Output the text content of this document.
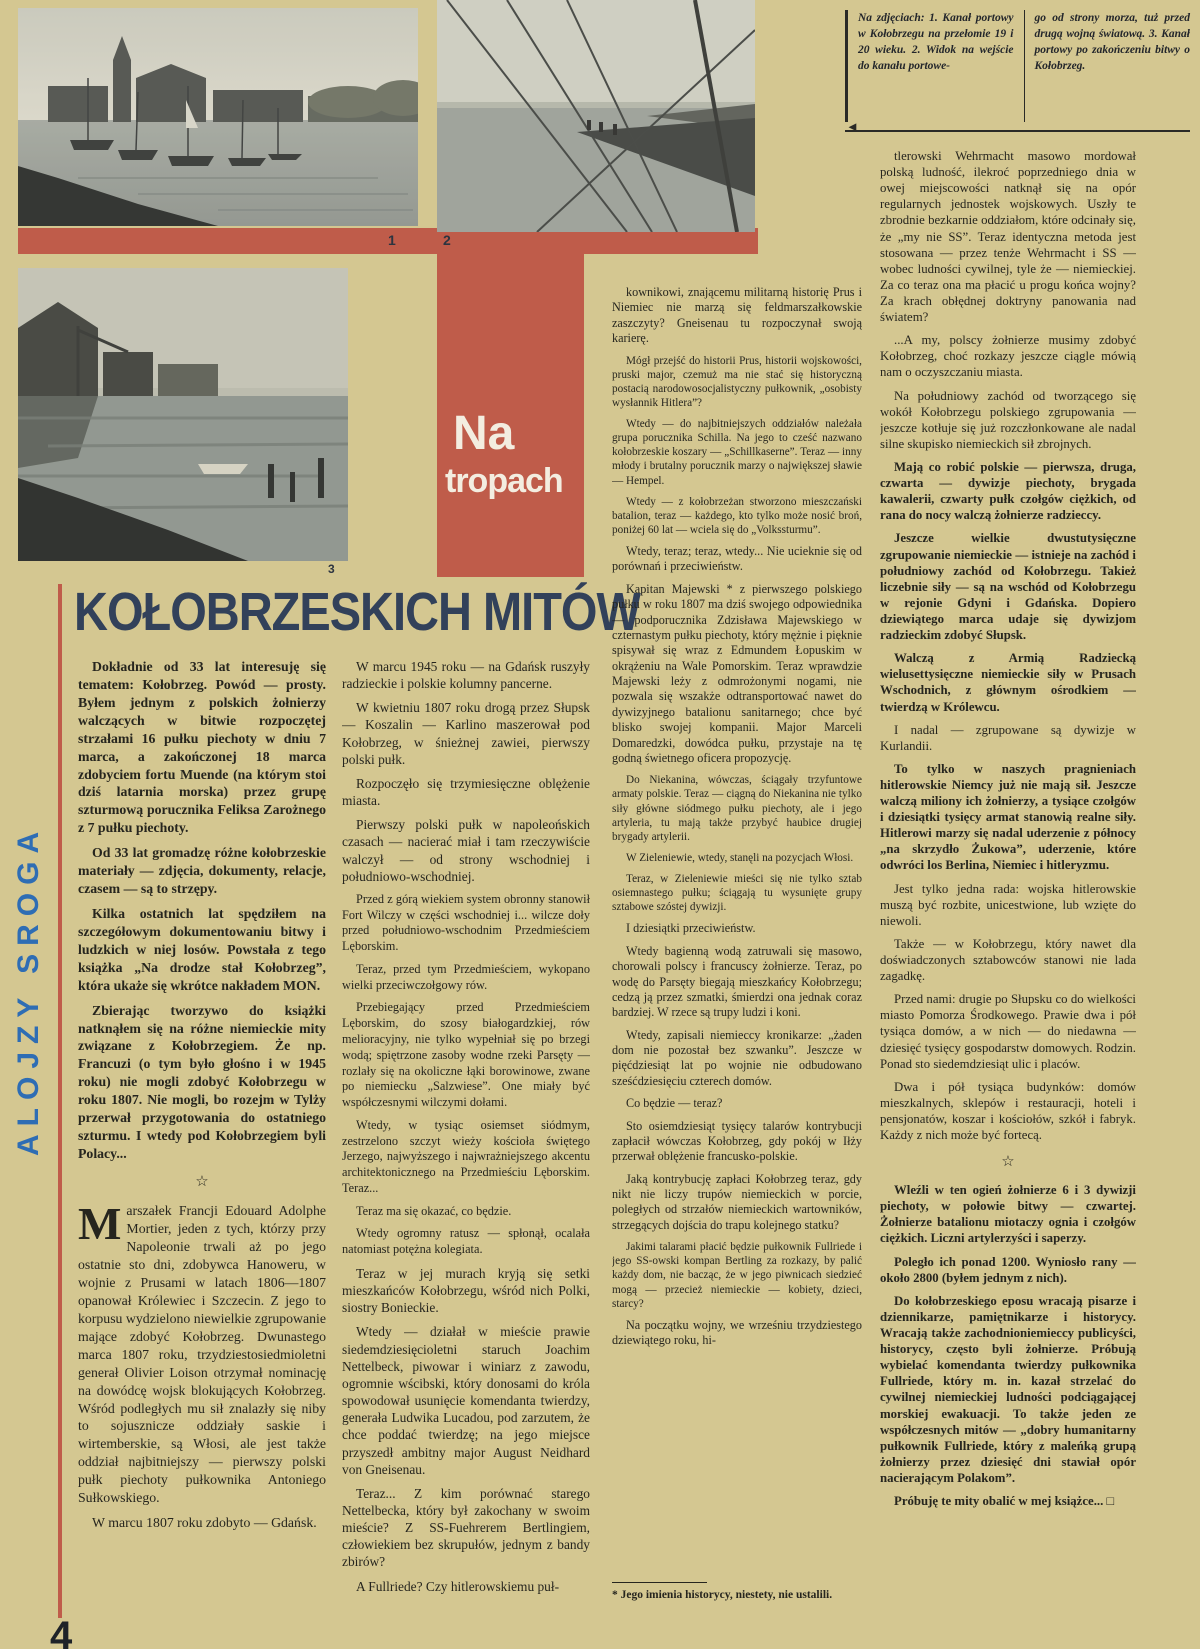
Na
tropach
1	2
3
Na zdjęciach: 1. Kanał portowy w Kołobrzegu na przełomie 19 i 20 wieku. 2. Widok na wejście do kanału portowe-
go od strony morza, tuż przed drugą wojną światową. 3. Kanał portowy po zakończeniu bitwy o Kołobrzeg.
◄
KOŁOBRZESKICH MITÓW
ALOJZY SROGA

Dokładnie od 33 lat interesuję się tematem: Kołobrzeg. Powód — prosty. Byłem jednym z polskich żołnierzy walczących w bitwie rozpoczętej strzałami 16 pułku piechoty w dniu 7 marca, a zakończonej 18 marca zdobyciem fortu Muende (na którym stoi dziś latarnia morska) przez grupę szturmową porucznika Feliksa Zarożnego z 7 pułku piechoty.

Od 33 lat gromadzę różne kołobrzeskie materiały — zdjęcia, dokumenty, relacje, czasem — są to strzępy.

Kilka ostatnich lat spędziłem na szczegółowym dokumentowaniu bitwy i ludzkich w niej losów. Powstała z tego książka „Na drodze stał Kołobrzeg”, która ukaże się wkrótce nakładem MON.

Zbierając tworzywo do książki natknąłem się na różne niemieckie mity związane z Kołobrzegiem. Że np. Francuzi (o tym było głośno i w 1945 roku) nie mogli zdobyć Kołobrzegu w roku 1807. Nie mogli, bo rozejm w Tylży przerwał przygotowania do ostatniego szturmu. I wtedy pod Kołobrzegiem byli Polacy...

☆

Marszałek Francji Edouard Adolphe Mortier, jeden z tych, którzy przy Napoleonie trwali aż po jego ostatnie sto dni, zdobywca Hanoweru, w wojnie z Prusami w latach 1806—1807 opanował Królewiec i Szczecin. Z jego to korpusu wydzielono niewielkie zgrupowanie mające zdobyć Kołobrzeg. Dwunastego marca 1807 roku, trzydziestosiedmioletni generał Olivier Loison otrzymał nominację na dowódcę wojsk blokujących Kołobrzeg. Wśród podległych mu sił znalazły się niby to sojusznicze oddziały saskie i wirtemberskie, są Włosi, ale jest także oddział najbitniejszy — pierwszy polski pułk piechoty pułkownika Antoniego Sułkowskiego.

W marcu 1807 roku zdobyto — Gdańsk.

W marcu 1945 roku — na Gdańsk ruszyły radzieckie i polskie kolumny pancerne.

W kwietniu 1807 roku drogą przez Słupsk — Koszalin — Karlino maszerował pod Kołobrzeg, w śnieżnej zawiei, pierwszy polski pułk.

Rozpoczęło się trzymiesięczne oblężenie miasta.

Pierwszy polski pułk w napoleońskich czasach — nacierać miał i tam rzeczywiście walczył — od strony wschodniej i południowo-wschodniej.

Przed z górą wiekiem system obronny stanowił Fort Wilczy w części wschodniej i... wilcze doły przed południowo-wschodnim Przedmieściem Lęborskim.

Teraz, przed tym Przedmieściem, wykopano wielki przeciwczołgowy rów.

Przebiegający przed Przedmieściem Lęborskim, do szosy białogardzkiej, rów melioracyjny, nie tylko wypełniał się po brzegi wodą; spiętrzone zasoby wodne rzeki Parsęty — rozlały się na okoliczne łąki borowinowe, zwane po niemiecku „Salzwiese”. One miały być współczesnymi wilczymi dołami.

Wtedy, w tysiąc osiemset siódmym, zestrzelono szczyt wieży kościoła świętego Jerzego, najwyższego i najwrażniejszego akcentu architektonicznego na Przedmieściu Lęborskim. Teraz...

Teraz ma się okazać, co będzie.

Wtedy ogromny ratusz — spłonął, ocalała natomiast potężna kolegiata.

Teraz w jej murach kryją się setki mieszkańców Kołobrzegu, wśród nich Polki, siostry Bonieckie.

Wtedy — działał w mieście prawie siedemdziesięcioletni staruch Joachim Nettelbeck, piwowar i winiarz z zawodu, ogromnie wścibski, który donosami do króla spowodował usunięcie komendanta twierdzy, generała Ludwika Lucadou, pod zarzutem, że chce poddać twierdzę; na jego miejsce przyszedł ambitny major August Neidhard von Gneisenau.

Teraz... Z kim porównać starego Nettelbecka, który był zakochany w swoim mieście? Z SS-Fuehrerem Bertlingiem, człowiekiem bez skrupułów, jednym z bandy zbirów?

A Fullriede? Czy hitlerowskiemu puł-

kownikowi, znającemu militarną historię Prus i Niemiec nie marzą się feldmarszałkowskie zaszczyty? Gneisenau tu rozpoczynał swoją karierę.

Mógł przejść do historii Prus, historii wojskowości, pruski major, czemuż ma nie stać się historyczną postacią narodowosocjalistyczny pułkownik, „osobisty wysłannik Hitlera”?

Wtedy — do najbitniejszych oddziałów należała grupa porucznika Schilla. Na jego to cześć nazwano kołobrzeskie koszary — „Schillkaserne”. Teraz — inny młody i brutalny porucznik marzy o największej sławie — Hempel.

Wtedy — z kołobrzeżan stworzono mieszczański batalion, teraz — każdego, kto tylko może nosić broń, poniżej 60 lat — wciela się do „Volkssturmu”.

Wtedy, teraz; teraz, wtedy... Nie ucieknie się od porównań i przeciwieństw.

Kapitan Majewski * z pierwszego polskiego pułku w roku 1807 ma dziś swojego odpowiednika — podporucznika Zdzisława Majewskiego w czternastym pułku piechoty, który mężnie i pięknie spisywał się wraz z Edmundem Łopuskim w okrążeniu na Wale Pomorskim. Teraz wprawdzie Majewski leży z odmrożonymi nogami, nie pozwala się wszakże odtransportować nawet do dywizyjnego batalionu sanitarnego; chce być blisko swojej kompanii. Major Marceli Domaredzki, dowódca pułku, przystaje na tę godną świetnego oficera propozycję.

Do Niekanina, wówczas, ściągały trzyfuntowe armaty polskie. Teraz — ciągną do Niekanina nie tylko siły główne siódmego pułku piechoty, ale i jego artyleria, tu mają także przybyć haubice drugiej brygady artylerii.

W Zieleniewie, wtedy, stanęli na pozycjach Włosi.

Teraz, w Zieleniewie mieści się nie tylko sztab osiemnastego pułku; ściągają tu wysunięte grupy sztabowe szóstej dywizji.

I dziesiątki przeciwieństw.

Wtedy bagienną wodą zatruwali się masowo, chorowali polscy i francuscy żołnierze. Teraz, po wodę do Parsęty biegają mieszkańcy Kołobrzegu; cedzą ją przez szmatki, śmierdzi ona jednak coraz bardziej. W rzece są trupy ludzi i koni.

Wtedy, zapisali niemieccy kronikarze: „żaden dom nie pozostał bez szwanku”. Jeszcze w pięćdziesiąt lat po wojnie nie odbudowano sześćdziesięciu czterech domów.

Co będzie — teraz?

Sto osiemdziesiąt tysięcy talarów kontrybucji zapłacił wówczas Kołobrzeg, gdy pokój w Iłży przerwał oblężenie francusko-polskie.

Jaką kontrybucję zapłaci Kołobrzeg teraz, gdy nikt nie liczy trupów niemieckich w porcie, poległych od strzałów niemieckich wartowników, strzegących dojścia do trapu kolejnego statku?

Jakimi talarami płacić będzie pułkownik Fullriede i jego SS-owski kompan Bertling za rozkazy, by palić każdy dom, nie bacząc, że w jego piwnicach siedzieć mogą — przecież niemieckie — kobiety, dzieci, starcy?

Na początku wojny, we wrześniu trzydziestego dziewiątego roku, hi-

tlerowski Wehrmacht masowo mordował polską ludność, ilekroć poprzedniego dnia w owej miejscowości natknął się na opór regularnych jednostek wojskowych. Uszły te zbrodnie bezkarnie oddziałom, które odcinały się, że „my nie SS”. Teraz identyczna metoda jest stosowana — przez tenże Wehrmacht i SS — wobec ludności cywilnej, tyle że — niemieckiej. Za co teraz ona ma płacić u progu końca wojny? Za krach obłędnej doktryny panowania nad światem?

...A my, polscy żołnierze musimy zdobyć Kołobrzeg, choć rozkazy jeszcze ciągle mówią nam o oczyszczaniu miasta.

Na południowy zachód od tworzącego się wokół Kołobrzegu polskiego zgrupowania — jeszcze kotłuje się już rozczłonkowane ale nadal silne skupisko niemieckich sił zbrojnych.

Mają co robić polskie — pierwsza, druga, czwarta — dywizje piechoty, brygada kawalerii, czwarty pułk czołgów ciężkich, od rana do nocy walczą żołnierze radzieccy.

Jeszcze wielkie dwustutysięczne zgrupowanie niemieckie — istnieje na zachód i południowy zachód od Kołobrzegu. Takież liczebnie siły — są na wschód od Kołobrzegu w rejonie Gdyni i Gdańska. Dopiero dziewiątego marca udaje się dywizjom radzieckim zdobyć Słupsk.

Walczą z Armią Radziecką wielusettysięczne niemieckie siły w Prusach Wschodnich, z głównym ośrodkiem — twierdzą w Królewcu.

I nadal — zgrupowane są dywizje w Kurlandii.

To tylko w naszych pragnieniach hitlerowskie Niemcy już nie mają sił. Jeszcze walczą miliony ich żołnierzy, a tysiące czołgów i dziesiątki tysięcy armat stanowią realne siły. Hitlerowi marzy się nadal uderzenie z północy „na skrzydło Żukowa”, uderzenie, które odwróci los Berlina, Niemiec i hitleryzmu.

Jest tylko jedna rada: wojska hitlerowskie muszą być rozbite, unicestwione, lub wzięte do niewoli.

Także — w Kołobrzegu, który nawet dla doświadczonych sztabowców stanowi nie lada zagadkę.

Przed nami: drugie po Słupsku co do wielkości miasto Pomorza Środkowego. Prawie dwa i pół tysiąca domów, a w nich — do niedawna — dziesięć tysięcy gospodarstw domowych. Rodzin. Ponad sto siedemdziesiąt ulic i placów.

Dwa i pół tysiąca budynków: domów mieszkalnych, sklepów i restauracji, hoteli i pensjonatów, koszar i kościołów, szkół i fabryk. Każdy z nich może być fortecą.

☆

Wleźli w ten ogień żołnierze 6 i 3 dywizji piechoty, w połowie bitwy — czwartej. Żołnierze batalionu miotaczy ognia i czołgów ciężkich. Liczni artylerzyści i saperzy.

Poległo ich ponad 1200. Wyniosło rany — około 2800 (byłem jednym z nich).

Do kołobrzeskiego eposu wracają pisarze i dziennikarze, pamiętnikarze i historycy. Wracają także zachodnioniemieccy publicyści, historycy, często byli żołnierze. Próbują wybielać komendanta twierdzy pułkownika Fullriede, który m. in. kazał strzelać do cywilnej niemieckiej ludności podciągającej morskiej ewakuacji. To także jeden ze współczesnych mitów — „dobry humanitarny pułkownik Fullriede, który z maleńką grupą żołnierzy przez dziesięć dni stawiał opór nacierającym Polakom”.

Próbuję te mity obalić w mej książce... □

* Jego imienia historycy, niestety, nie ustalili.
4
